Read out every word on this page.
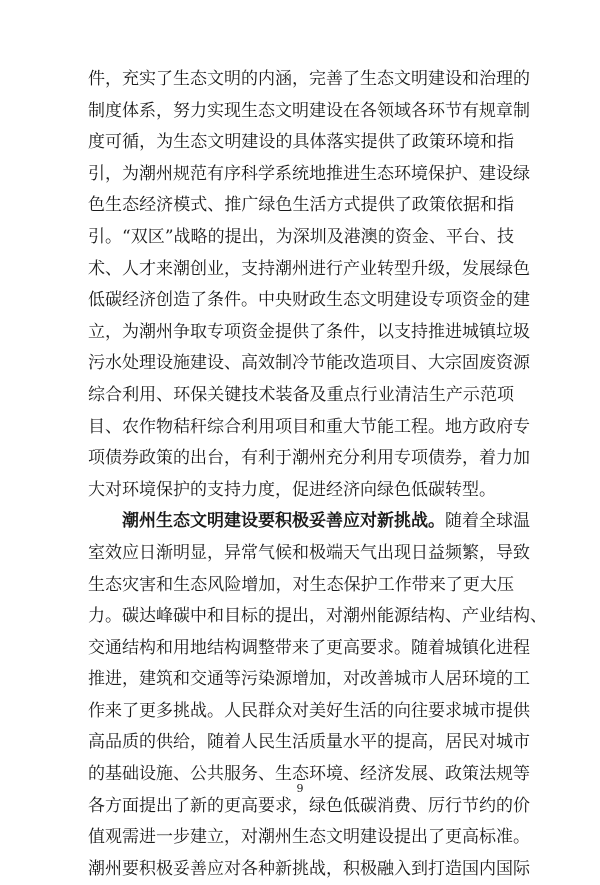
件，充实了生态文明的内涵，完善了生态文明建设和治理的
制度体系，努力实现生态文明建设在各领域各环节有规章制
度可循，为生态文明建设的具体落实提供了政策环境和指
引，为潮州规范有序科学系统地推进生态环境保护、建设绿
色生态经济模式、推广绿色生活方式提供了政策依据和指
引。“双区”战略的提出，为深圳及港澳的资金、平台、技
术、人才来潮创业，支持潮州进行产业转型升级，发展绿色
低碳经济创造了条件。中央财政生态文明建设专项资金的建
立，为潮州争取专项资金提供了条件，以支持推进城镇垃圾
污水处理设施建设、高效制冷节能改造项目、大宗固废资源
综合利用、环保关键技术装备及重点行业清洁生产示范项
目、农作物秸秆综合利用项目和重大节能工程。地方政府专
项债券政策的出台，有利于潮州充分利用专项债券，着力加
大对环境保护的支持力度，促进经济向绿色低碳转型。
潮州生态文明建设要积极妥善应对新挑战。随着全球温
室效应日渐明显，异常气候和极端天气出现日益频繁，导致
生态灾害和生态风险增加，对生态保护工作带来了更大压
力。碳达峰碳中和目标的提出，对潮州能源结构、产业结构、
交通结构和用地结构调整带来了更高要求。随着城镇化进程
推进，建筑和交通等污染源增加，对改善城市人居环境的工
作来了更多挑战。人民群众对美好生活的向往要求城市提供
高品质的供给，随着人民生活质量水平的提高，居民对城市
的基础设施、公共服务、生态环境、经济发展、政策法规等
各方面提出了新的更高要求，绿色低碳消费、厉行节约的价
值观需进一步建立，对潮州生态文明建设提出了更高标准。
潮州要积极妥善应对各种新挑战，积极融入到打造国内国际
9
